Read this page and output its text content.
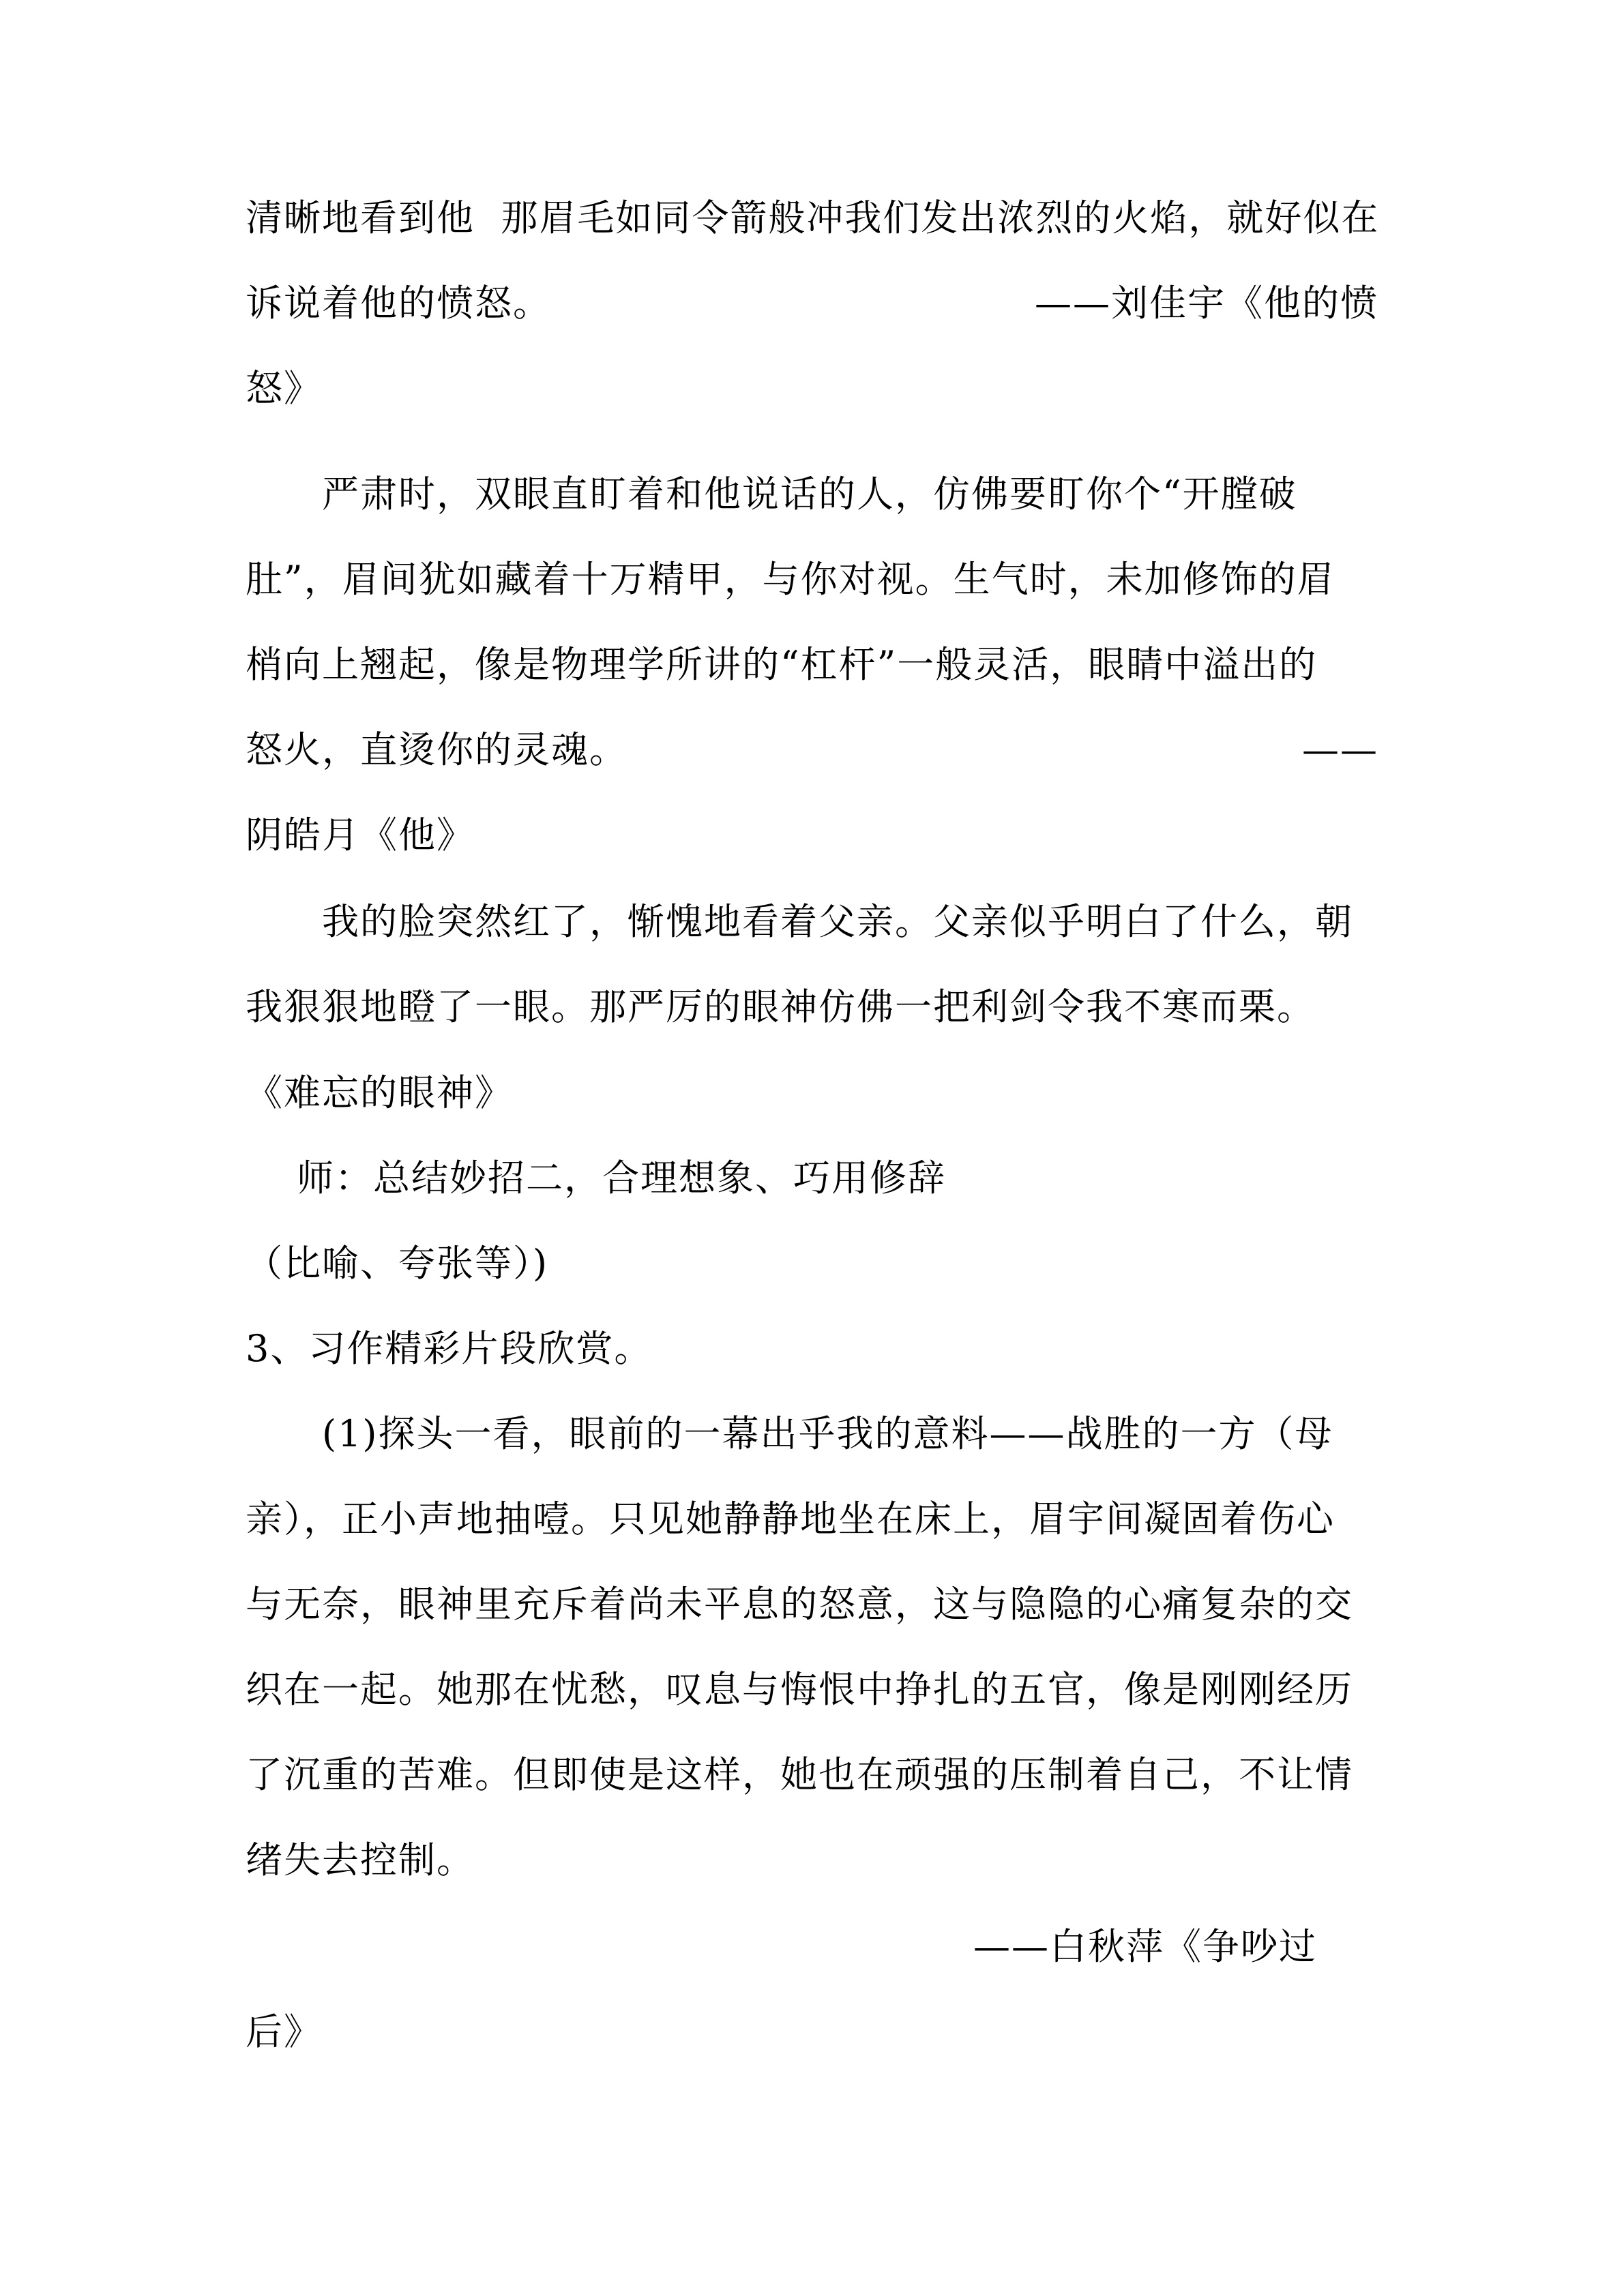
清晰地看到他  那眉毛如同令箭般冲我们发出浓烈的火焰，就好似在
诉说着他的愤怒。	——刘佳宇《他的愤
怒》
严肃时，双眼直盯着和他说话的人，仿佛要盯你个“开膛破
肚”，眉间犹如藏着十万精甲，与你对视。生气时，未加修饰的眉
梢向上翘起，像是物理学所讲的“杠杆”一般灵活，眼睛中溢出的
怒火，直烫你的灵魂。	——
阴皓月《他》
我的脸突然红了，惭愧地看着父亲。父亲似乎明白了什么，朝
我狠狠地瞪了一眼。那严厉的眼神仿佛一把利剑令我不寒而栗。
《难忘的眼神》
师：总结妙招二，合理想象、巧用修辞
（比喻、夸张等）)
3、习作精彩片段欣赏。
(1)探头一看，眼前的一幕出乎我的意料——战胜的一方（母
亲），正小声地抽噎。只见她静静地坐在床上，眉宇间凝固着伤心
与无奈，眼神里充斥着尚未平息的怒意，这与隐隐的心痛复杂的交
织在一起。她那在忧愁，叹息与悔恨中挣扎的五官，像是刚刚经历
了沉重的苦难。但即使是这样，她也在顽强的压制着自己，不让情
绪失去控制。
——白秋萍《争吵过
后》
